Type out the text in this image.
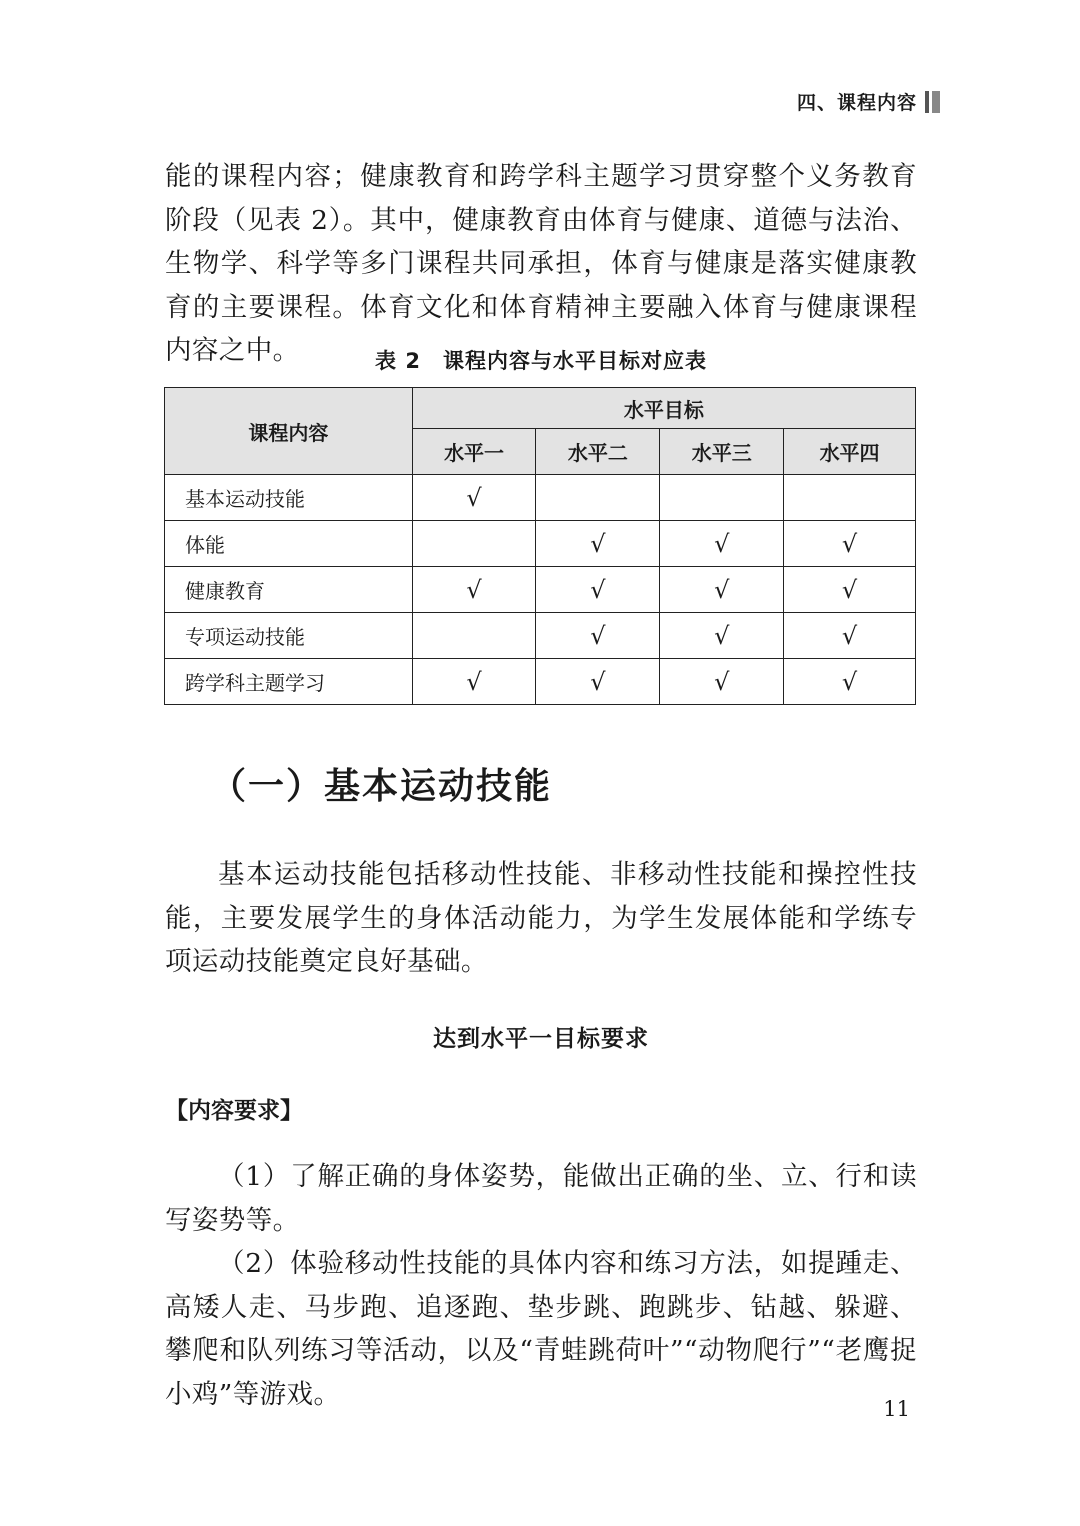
四、课程内容

能的课程内容；健康教育和跨学科主题学习贯穿整个义务教育阶段（见表 2）。其中，健康教育由体育与健康、道德与法治、生物学、科学等多门课程共同承担，体育与健康是落实健康教育的主要课程。体育文化和体育精神主要融入体育与健康课程内容之中。	表 2　课程内容与水平目标对应表
课程内容	水平目标			
	水平一	水平二	水平三	水平四
基本运动技能	√			
体能		√	√	√
健康教育	√	√	√	√
专项运动技能		√	√	√
跨学科主题学习	√	√	√	√
（一）基本运动技能

基本运动技能包括移动性技能、非移动性技能和操控性技能，主要发展学生的身体活动能力，为学生发展体能和学练专项运动技能奠定良好基础。

达到水平一目标要求
【内容要求】

（1）了解正确的身体姿势，能做出正确的坐、立、行和读写姿势等。

（2）体验移动性技能的具体内容和练习方法，如提踵走、高矮人走、马步跑、追逐跑、垫步跳、跑跳步、钻越、躲避、攀爬和队列练习等活动，以及“青蛙跳荷叶”“动物爬行”“老鹰捉小鸡”等游戏。	11
